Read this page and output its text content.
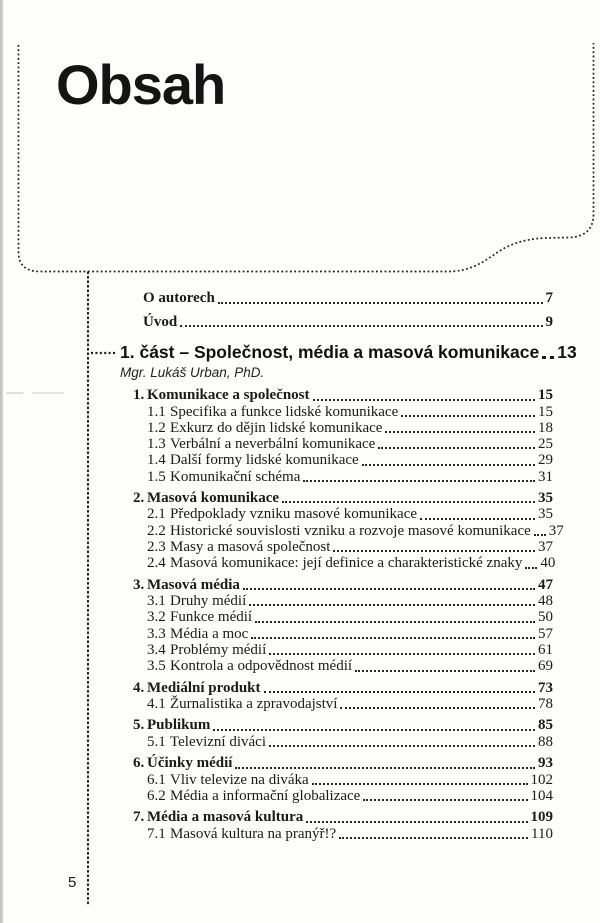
Obsah
O autorech	7
Úvod	9
1. část – Společnost, média a masová komunikace 13
Mgr. Lukáš Urban, PhD.
1. Komunikace a společnost	15
1.1 Specifika a funkce lidské komunikace	15
1.2 Exkurz do dějin lidské komunikace	18
1.3 Verbální a neverbální komunikace	25
1.4 Další formy lidské komunikace	29
1.5 Komunikační schéma	31
2. Masová komunikace	35
2.1 Předpoklady vzniku masové komunikace	35
2.2 Historické souvislosti vzniku a rozvoje masové komunikace 37
2.3 Masy a masová společnost	37
2.4 Masová komunikace: její definice a charakteristické znaky 40
3. Masová média	47
3.1 Druhy médií	48
3.2 Funkce médií	50
3.3 Média a moc	57
3.4 Problémy médií	61
3.5 Kontrola a odpovědnost médií	69
4. Mediální produkt	73
4.1 Žurnalistika a zpravodajství	78
5. Publikum	85
5.1 Televizní diváci	88
6. Účinky médií	93
6.1 Vliv televize na diváka	102
6.2 Média a informační globalizace	104
7. Média a masová kultura	109
7.1 Masová kultura na pranýř!?	110
5
